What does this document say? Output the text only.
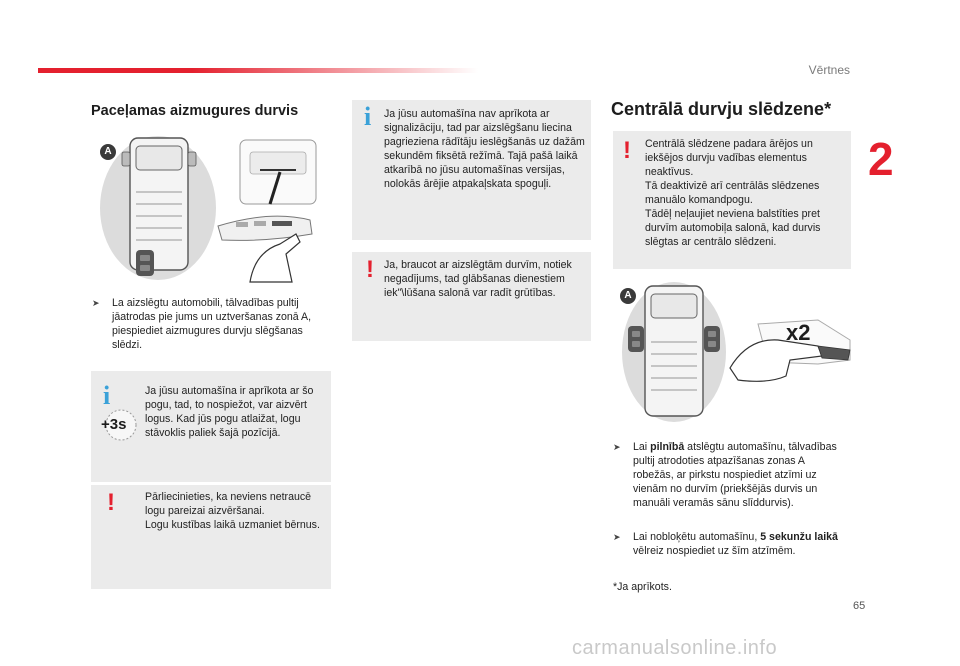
Vērtnes
2
Paceļamas aizmugures durvis
A
➤ La aizslēgtu automobili, tālvadības pultij jāatrodas pie jums un uztveršanas zonā A, piespiediet aizmugures durvju slēgšanas slēdzi.
i
+3s
Ja jūsu automašīna ir aprīkota ar šo pogu, tad, to nospiežot, var aizvērt logus. Kad jūs pogu atlaižat, logu stāvoklis paliek šajā pozīcijā.
!	Pārliecinieties, ka neviens netraucē logu pareizai aizvēršanai.

Logu kustības laikā uzmaniet bērnus.

i Ja jūsu automašīna nav aprīkota ar signalizāciju, tad par aizslēgšanu liecina pagrieziena rādītāju ieslēgšanās uz dažām sekundēm fiksētā režīmā. Tajā pašā laikā atkarībā no jūsu automašīnas versijas, nolokās ārējie atpakaļskata spoguļi.
! Ja, braucot ar aizslēgtām durvīm, notiek negadījums, tad glābšanas dienestiem iek"\lūšana salonā var radīt grūtības.
Centrālā durvju slēdzene*
! Centrālā slēdzene padara ārējos un iekšējos durvju vadības elementus neaktīvus.

Tā deaktivizē arī centrālās slēdzenes manuālo komandpogu.

Tādēļ neļaujiet neviena balstīties pret durvīm automobiļa salonā, kad durvis slēgtas ar centrālo slēdzeni.

A
x2
➤ Lai pilnībā atslēgtu automašīnu, tālvadības pultij atrodoties atpazīšanas zonas A robežās, ar pirkstu nospiediet atzīmi uz vienām no durvīm (priekšējās durvis un manuāli veramās sānu slīddurvis).
➤ Lai nobloķētu automašīnu, 5 sekunžu laikā vēlreiz nospiediet uz šīm atzīmēm.
*Ja aprīkots.
65
carmanualsonline.info
